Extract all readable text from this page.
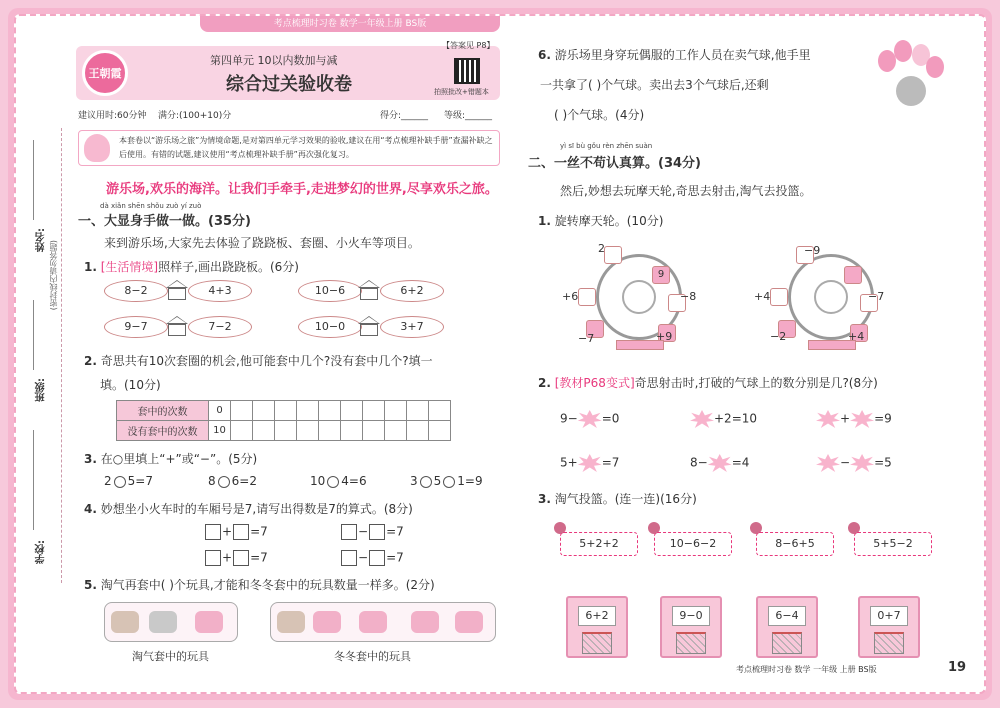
考点梳理时习卷 数学一年级上册 BS版
姓名: (密封线内请勿答题)
班级:
学校:
王朝霞
【答案见 P8】
第四单元 10以内数加与减
综合过关验收卷	拍照批改+错题本
建议用时:60分钟 满分:(100+10)分	得分:______ 等级:______
本套卷以“游乐场之旅”为情境命题,是对第四单元学习效果的验收,建议在用“考点梳理补缺手册”查漏补缺之后使用。有错的试题,建议使用“考点梳理补缺手册”再次强化复习。
游乐场,欢乐的海洋。让我们手牵手,走进梦幻的世界,尽享欢乐之旅。
dà xiǎn shēn shǒu zuò yí zuò
一、大显身手做一做。(35分)
来到游乐场,大家先去体验了跷跷板、套圈、小火车等项目。
1. [生活情境]照样子,画出跷跷板。(6分)
8−2	4+3	10−6	6+2
9−7	7−2	10−0	3+7
2. 奇思共有10次套圈的机会,他可能套中几个?没有套中几个?填一
填。(10分)
套中的次数	0										
没有套中的次数	10										
3. 在○里填上“+”或“−”。(5分)
2 5=7	8 6=2	10 4=6	3 5 1=9
4. 妙想坐小火车时的车厢号是7,请写出得数是7的算式。(8分)
+ =7	− =7
+ =7	− =7
5. 淘气再套中( )个玩具,才能和冬冬套中的玩具数量一样多。(2分)
淘气套中的玩具	冬冬套中的玩具
6. 游乐场里身穿玩偶服的工作人员在卖气球,他手里
一共拿了( )个气球。卖出去3个气球后,还剩
( )个气球。(4分)
yì sī bù gǒu rèn zhēn suàn
二、一丝不苟认真算。(34分)
然后,妙想去玩摩天轮,奇思去射击,淘气去投篮。
1. 旋转摩天轮。(10分)
9
2
+6	−8
−7	+9
−9
+4	−7
−2	+4
2. [教材P68变式]奇思射击时,打破的气球上的数分别是几?(8分)
9− =0	+2=10	+ =9
5+ =7	8− =4	− =5
3. 淘气投篮。(连一连)(16分)
5+2+2	10−6−2	8−6+5	5+5−2
6+2	9−0	6−4	0+7
考点梳理时习卷 数学 一年级 上册 BS版	19
